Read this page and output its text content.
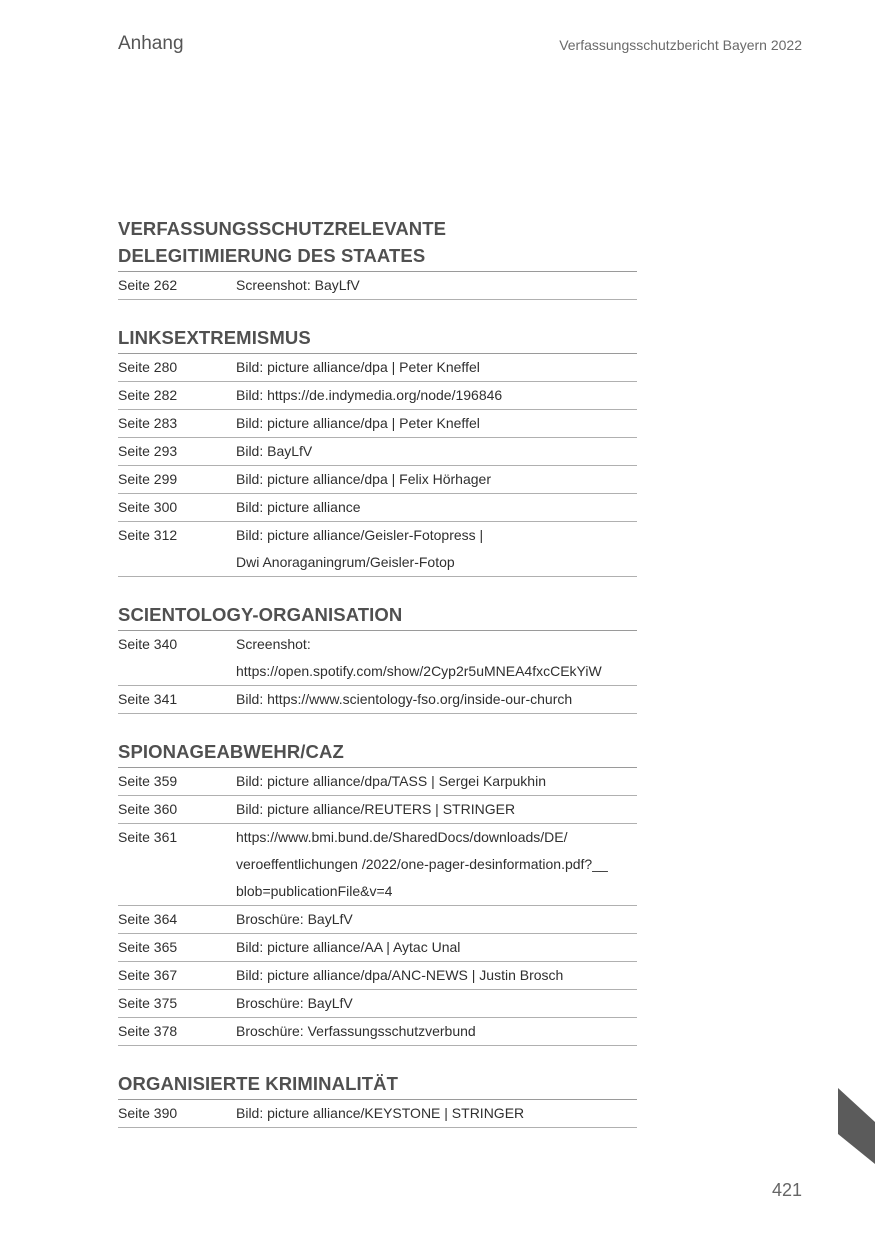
Anhang	Verfassungsschutzbericht Bayern 2022
VERFASSUNGSSCHUTZRELEVANTE
DELEGITIMIERUNG DES STAATES
Seite 262	Screenshot: BayLfV
LINKSEXTREMISMUS
Seite 280	Bild: picture alliance/dpa | Peter Kneffel
Seite 282	Bild: https://de.indymedia.org/node/196846
Seite 283	Bild: picture alliance/dpa | Peter Kneffel
Seite 293	Bild: BayLfV
Seite 299	Bild: picture alliance/dpa | Felix Hörhager
Seite 300	Bild: picture alliance
Seite 312	Bild: picture alliance/Geisler-Fotopress |
Dwi Anoraganingrum/Geisler-Fotop
SCIENTOLOGY-ORGANISATION
Seite 340	Screenshot:
https://open.spotify.com/show/2Cyp2r5uMNEA4fxcCEkYiW
Seite 341	Bild: https://www.scientology-fso.org/inside-our-church
SPIONAGEABWEHR/CAZ
Seite 359	Bild: picture alliance/dpa/TASS | Sergei Karpukhin
Seite 360	Bild: picture alliance/REUTERS | STRINGER
Seite 361	https://www.bmi.bund.de/SharedDocs/downloads/DE/
veroeffentlichungen /2022/one-pager-desinformation.pdf?__
blob=publicationFile&v=4
Seite 364	Broschüre: BayLfV
Seite 365	Bild: picture alliance/AA | Aytac Unal
Seite 367	Bild: picture alliance/dpa/ANC-NEWS | Justin Brosch
Seite 375	Broschüre: BayLfV
Seite 378	Broschüre: Verfassungsschutzverbund
ORGANISIERTE KRIMINALITÄT
Seite 390	Bild: picture alliance/KEYSTONE | STRINGER
421
